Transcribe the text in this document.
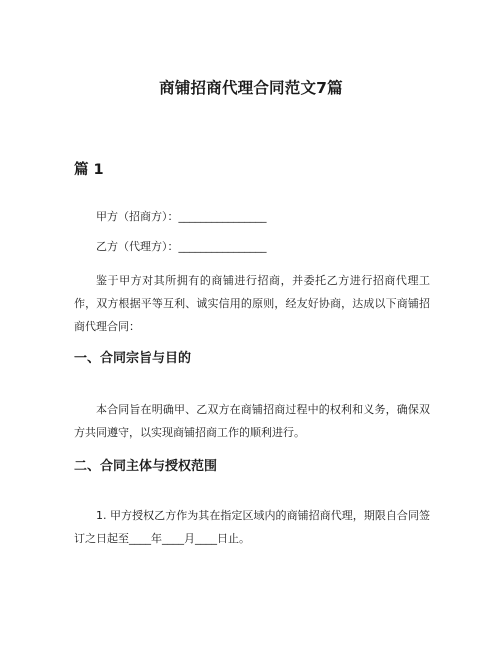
商铺招商代理合同范文7篇
篇 1
甲方（招商方）：________________
乙方（代理方）：________________

鉴于甲方对其所拥有的商铺进行招商，并委托乙方进行招商代理工作，双方根据平等互利、诚实信用的原则，经友好协商，达成以下商铺招商代理合同：

一、合同宗旨与目的

本合同旨在明确甲、乙双方在商铺招商过程中的权利和义务，确保双方共同遵守，以实现商铺招商工作的顺利进行。

二、合同主体与授权范围

1. 甲方授权乙方作为其在指定区域内的商铺招商代理，期限自合同签订之日起至____年____月____日止。
